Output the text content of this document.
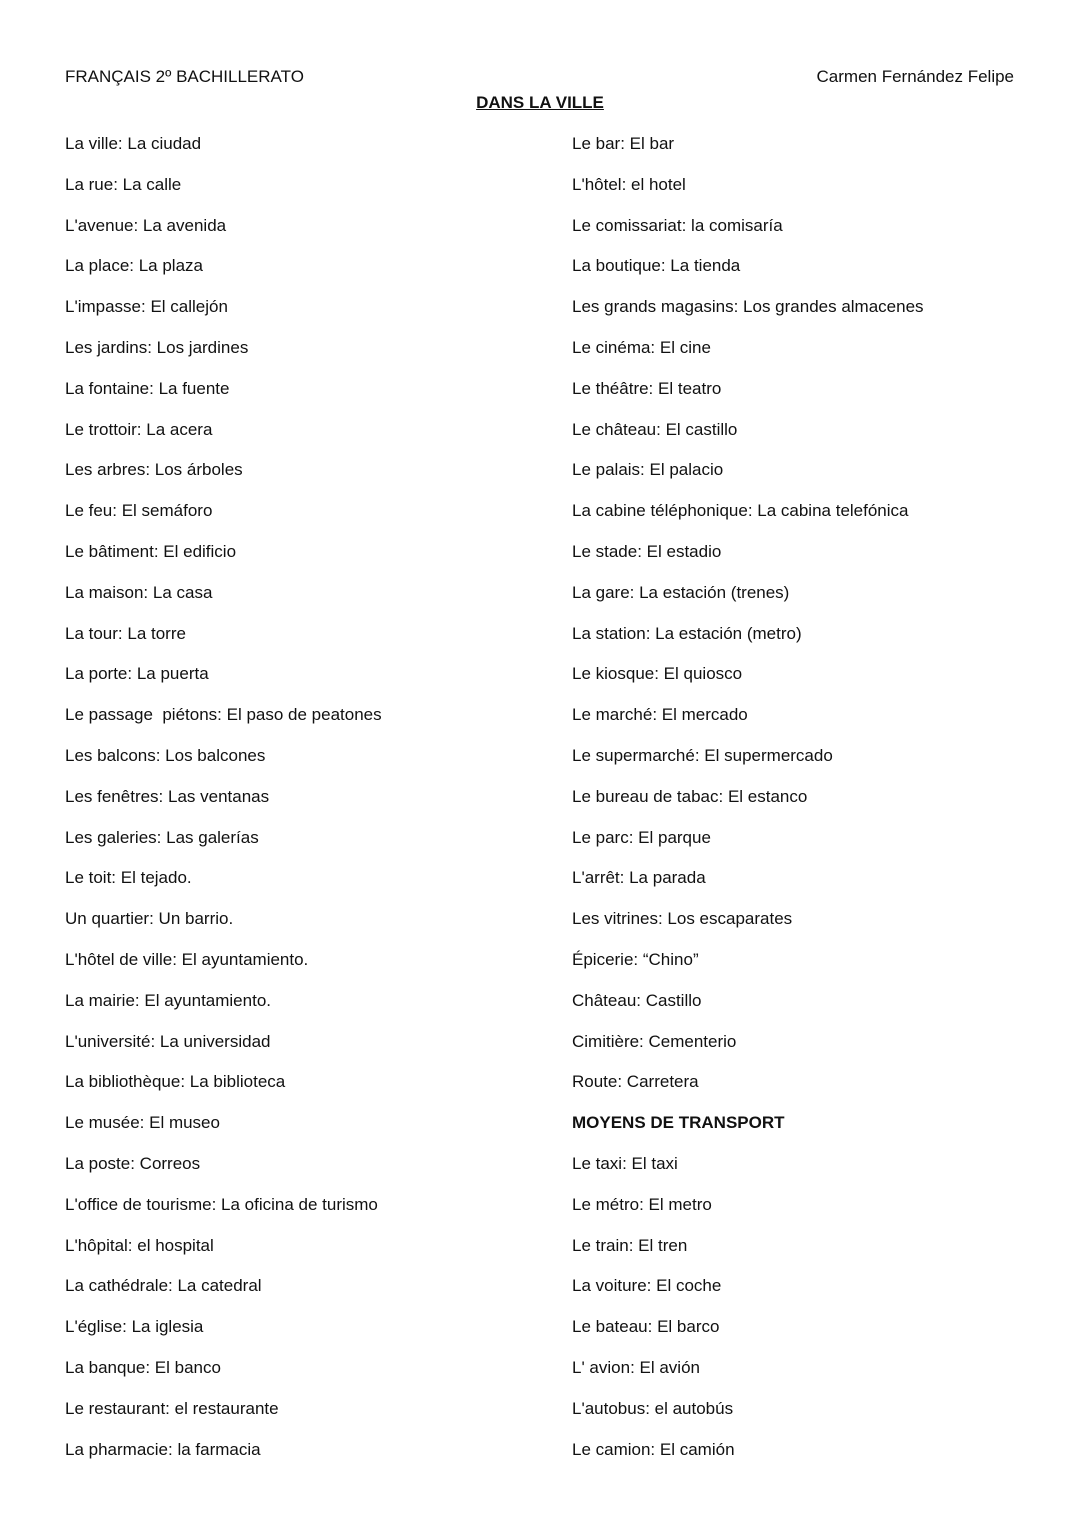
FRANÇAIS 2º BACHILLERATO	Carmen Fernández Felipe
DANS LA VILLE
La ville: La ciudad
La rue: La calle
L'avenue: La avenida
La place: La plaza
L'impasse: El callejón
Les jardins: Los jardines
La fontaine: La fuente
Le trottoir: La acera
Les arbres: Los árboles
Le feu: El semáforo
Le bâtiment: El edificio
La maison: La casa
La tour: La torre
La porte: La puerta
Le passage  piétons: El paso de peatones
Les balcons: Los balcones
Les fenêtres: Las ventanas
Les galeries: Las galerías
Le toit: El tejado.
Un quartier: Un barrio.
L'hôtel de ville: El ayuntamiento.
La mairie: El ayuntamiento.
L'université: La universidad
La bibliothèque: La biblioteca
Le musée: El museo
La poste: Correos
L'office de tourisme: La oficina de turismo
L'hôpital: el hospital
La cathédrale: La catedral
L'église: La iglesia
La banque: El banco
Le restaurant: el restaurante
La pharmacie: la farmacia
Le bar: El bar
L'hôtel: el hotel
Le comissariat: la comisaría
La boutique: La tienda
Les grands magasins: Los grandes almacenes
Le cinéma: El cine
Le théâtre: El teatro
Le château: El castillo
Le palais: El palacio
La cabine téléphonique: La cabina telefónica
Le stade: El estadio
La gare: La estación (trenes)
La station: La estación (metro)
Le kiosque: El quiosco
Le marché: El mercado
Le supermarché: El supermercado
Le bureau de tabac: El estanco
Le parc: El parque
L'arrêt: La parada
Les vitrines: Los escaparates
Épicerie: “Chino”
Château: Castillo
Cimitière: Cementerio
Route: Carretera
MOYENS DE TRANSPORT
Le taxi: El taxi
Le métro: El metro
Le train: El tren
La voiture: El coche
Le bateau: El barco
L' avion: El avión
L'autobus: el autobús
Le camion: El camión
